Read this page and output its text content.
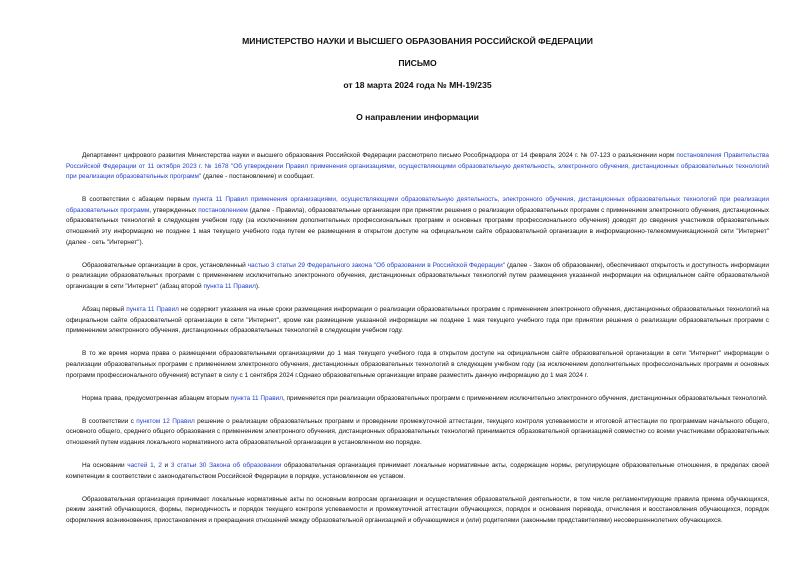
МИНИСТЕРСТВО НАУКИ И ВЫСШЕГО ОБРАЗОВАНИЯ РОССИЙСКОЙ ФЕДЕРАЦИИ
ПИСЬМО
от 18 марта 2024 года № МН-19/235
О направлении информации

Департамент цифрового развития Министерства науки и высшего образования Российской Федерации рассмотрело письмо Рособрнадзора от 14 февраля 2024 г. № 07-123 о разъяснении норм постановления Правительства Российской Федерации от 11 октября 2023 г. № 1678 "Об утверждении Правил применения организациями, осуществляющими образовательную деятельность, электронного обучения, дистанционных образовательных технологий при реализации образовательных программ" (далее - постановление) и сообщает.

В соответствии с абзацем первым пункта 11 Правил применения организациями, осуществляющими образовательную деятельность, электронного обучения, дистанционных образовательных технологий при реализации образовательных программ, утвержденных постановлением (далее - Правила), образовательные организации при принятии решения о реализации образовательных программ с применением электронного обучения, дистанционных образовательных технологий в следующем учебном году (за исключением дополнительных профессиональных программ и основных программ профессионального обучения) доводят до сведения участников образовательных отношений эту информацию не позднее 1 мая текущего учебного года путем ее размещения в открытом доступе на официальном сайте образовательной организации в информационно-телекоммуникационной сети "Интернет" (далее - сеть "Интернет").

Образовательные организации в срок, установленный частью 3 статьи 29 Федерального закона "Об образовании в Российской Федерации" (далее - Закон об образовании), обеспечивают открытость и доступность информации о реализации образовательных программ с применением исключительно электронного обучения, дистанционных образовательных технологий путем размещения указанной информации на официальном сайте образовательной организации в сети "Интернет" (абзац второй пункта 11 Правил).

Абзац первый пункта 11 Правил не содержит указания на иные сроки размещения информации о реализации образовательных программ с применением электронного обучения, дистанционных образовательных технологий на официальном сайте образовательной организации в сети "Интернет", кроме как размещение указанной информации не позднее 1 мая текущего учебного года при принятии решения о реализации образовательных программ с применением электронного обучения, дистанционных образовательных технологий в следующем учебном году.

В то же время норма права о размещении образовательными организациями до 1 мая текущего учебного года в открытом доступе на официальном сайте образовательной организации в сети "Интернет" информации о реализации образовательных программ с применением электронного обучения, дистанционных образовательных технологий в следующем учебном году (за исключением дополнительных профессиональных программ и основных программ профессионального обучения) вступает в силу с 1 сентября 2024 г.Однако образовательные организации вправе разместить данную информацию до 1 мая 2024 г.

Норма права, предусмотренная абзацем вторым пункта 11 Правил, применяется при реализации образовательных программ с применением исключительно электронного обучения, дистанционных образовательных технологий.

В соответствии с пунктом 12 Правил решение о реализации образовательных программ и проведении промежуточной аттестации, текущего контроля успеваемости и итоговой аттестации по программам начального общего, основного общего, среднего общего образования с применением электронного обучения, дистанционных образовательных технологий принимается образовательной организацией совместно со всеми участниками образовательных отношений путем издания локального нормативного акта образовательной организации в установленном ею порядке.

На основании частей 1, 2 и 3 статьи 30 Закона об образовании образовательная организация принимает локальные нормативные акты, содержащие нормы, регулирующие образовательные отношения, в пределах своей компетенции в соответствии с законодательством Российской Федерации в порядке, установленном ее уставом.

Образовательная организация принимает локальные нормативные акты по основным вопросам организации и осуществления образовательной деятельности, в том числе регламентирующие правила приема обучающихся, режим занятий обучающихся, формы, периодичность и порядок текущего контроля успеваемости и промежуточной аттестации обучающихся, порядок и основания перевода, отчисления и восстановления обучающихся, порядок оформления возникновения, приостановления и прекращения отношений между образовательной организацией и обучающимися и (или) родителями (законными представителями) несовершеннолетних обучающихся.
